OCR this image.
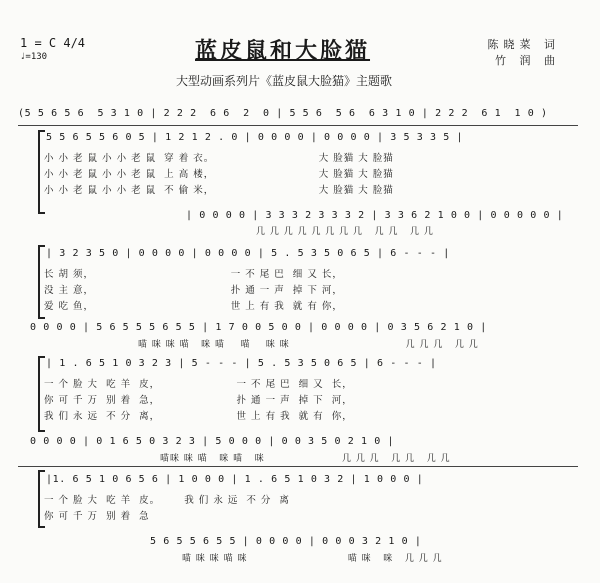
蓝皮鼠和大脸猫
大型动画系列片《蓝皮鼠大脸猫》主题歌
陈晓菜 词
竹 润 曲
1 = C 4/4
♩=130
(5 5 6 5 6  5 3 1 0 | 2 2 2  6 6  2  0 | 5 5 6  5 6  6 3 1 0 | 2 2 2  6 1  1 0 )
5 5 6 5 5 6 0 5 | 1 2 1 2 . 0 | 0 0 0 0 | 0 0 0 0 | 3 5 3 3 5 |
小 小 老 鼠 小 小 老 鼠  穿 着 衣。                          大 脸猫 大 脸猫
小 小 老 鼠 小 小 老 鼠  上 高 楼，                          大 脸猫 大 脸猫
小 小 老 鼠 小 小 老 鼠  不 偷 米，                          大 脸猫 大 脸猫
| 0 0 0 0 | 3 3 3 2 3 3 3 2 | 3 3 6 2 1 0 0 | 0 0 0 0 0 |
几 几 几 几 几 几 几 几   几 几   几 几
| 3 2 3 5 0 | 0 0 0 0 | 0 0 0 0 | 5 . 5 3 5 0 6 5 | 6 - - - |
长 胡 须，                                  一 不 尾 巴  细 又 长，
没 主 意，                                  扑 通 一 声  掉 下 河，
爱 吃 鱼，                                  世 上 有 我  就 有 你，
0 0 0 0 | 5 6 5 5 5 6 5 5 | 1 7 0 0 5 0 0 | 0 0 0 0 | 0 3 5 6 2 1 0 |
喵 咪 咪 喵   咪 喵    喵    咪 咪                              几 几 几   几 几
| 1 . 6 5 1 0 3 2 3 | 5 - - - | 5 . 5 3 5 0 6 5 | 6 - - - |
一 个 脸 大  吃 羊  皮，                   一 不 尾 巴  细 又  长，
你 可 千 万  别 着  急，                   扑 通 一 声  掉 下  河，
我 们 永 远  不 分  离，                   世 上 有 我  就 有  你，
0 0 0 0 | 0 1 6 5 0 3 2 3 | 5 0 0 0 | 0 0 3 5 0 2 1 0 |
喵咪 咪 喵   咪 喵   咪                    几 几 几   几 几   几 几
|1. 6 5 1 0 6 5 6 | 1 0 0 0 | 1 . 6 5 1 0 3 2 | 1 0 0 0 |
一 个 脸 大  吃 羊  皮。      我 们 永 远  不 分  离
你 可 千 万  别 着  急
5 6 5 5 6 5 5 | 0 0 0 0 | 0 0 0 3 2 1 0 |
喵 咪 咪 喵 咪                          喵 咪   咪   几 几 几
